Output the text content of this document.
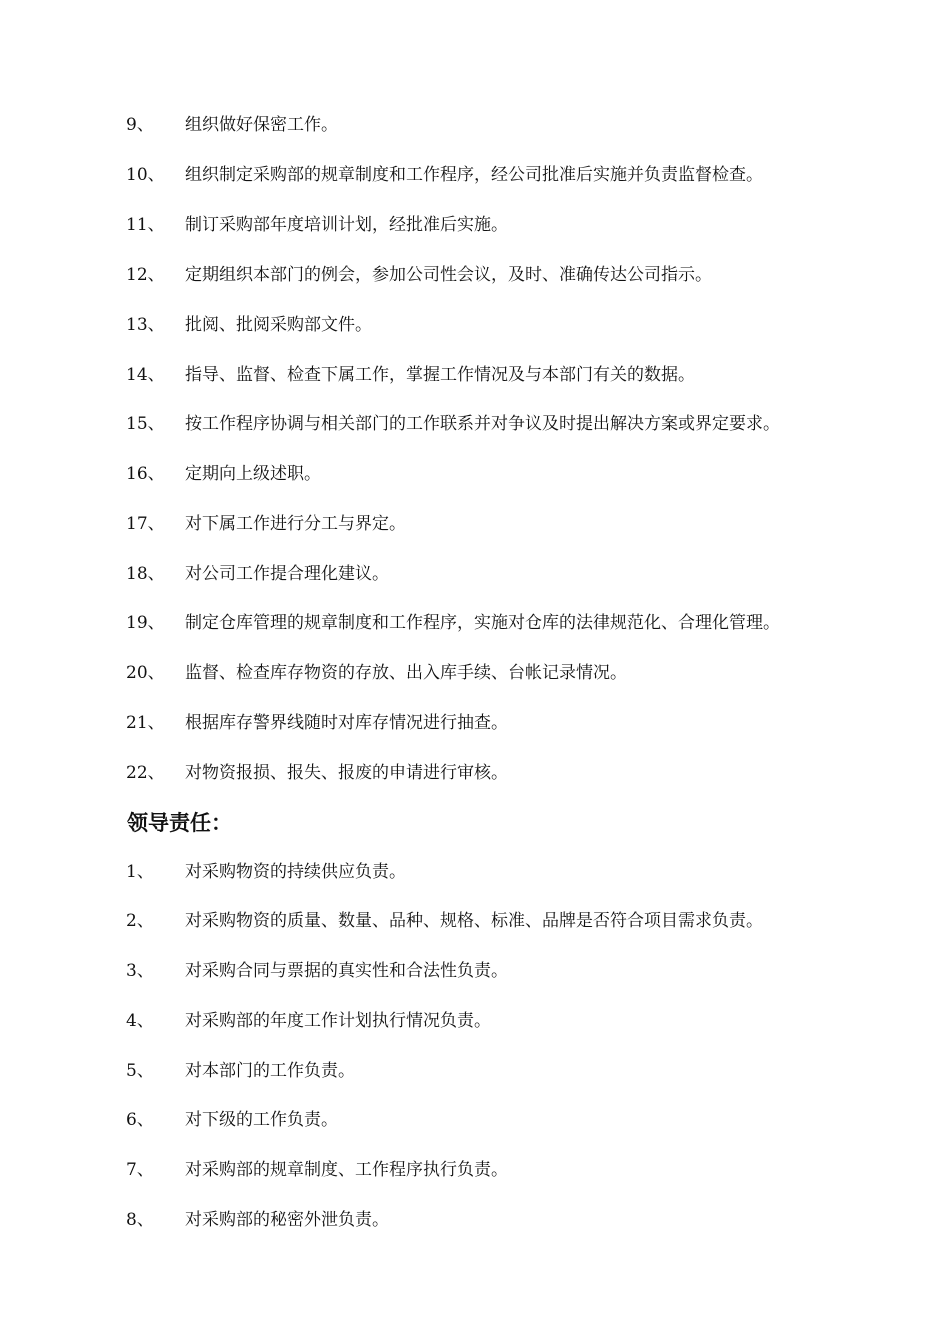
9、 组织做好保密工作。
10、 组织制定采购部的规章制度和工作程序，经公司批准后实施并负责监督检查。
11、 制订采购部年度培训计划，经批准后实施。
12、 定期组织本部门的例会，参加公司性会议，及时、准确传达公司指示。
13、 批阅、批阅采购部文件。
14、 指导、监督、检查下属工作，掌握工作情况及与本部门有关的数据。
15、 按工作程序协调与相关部门的工作联系并对争议及时提出解决方案或界定要求。
16、 定期向上级述职。
17、 对下属工作进行分工与界定。
18、 对公司工作提合理化建议。
19、 制定仓库管理的规章制度和工作程序，实施对仓库的法律规范化、合理化管理。
20、 监督、检查库存物资的存放、出入库手续、台帐记录情况。
21、 根据库存警界线随时对库存情况进行抽查。
22、 对物资报损、报失、报废的申请进行审核。
领导责任：
1、 对采购物资的持续供应负责。
2、 对采购物资的质量、数量、品种、规格、标准、品牌是否符合项目需求负责。
3、 对采购合同与票据的真实性和合法性负责。
4、 对采购部的年度工作计划执行情况负责。
5、 对本部门的工作负责。
6、 对下级的工作负责。
7、 对采购部的规章制度、工作程序执行负责。
8、 对采购部的秘密外泄负责。
